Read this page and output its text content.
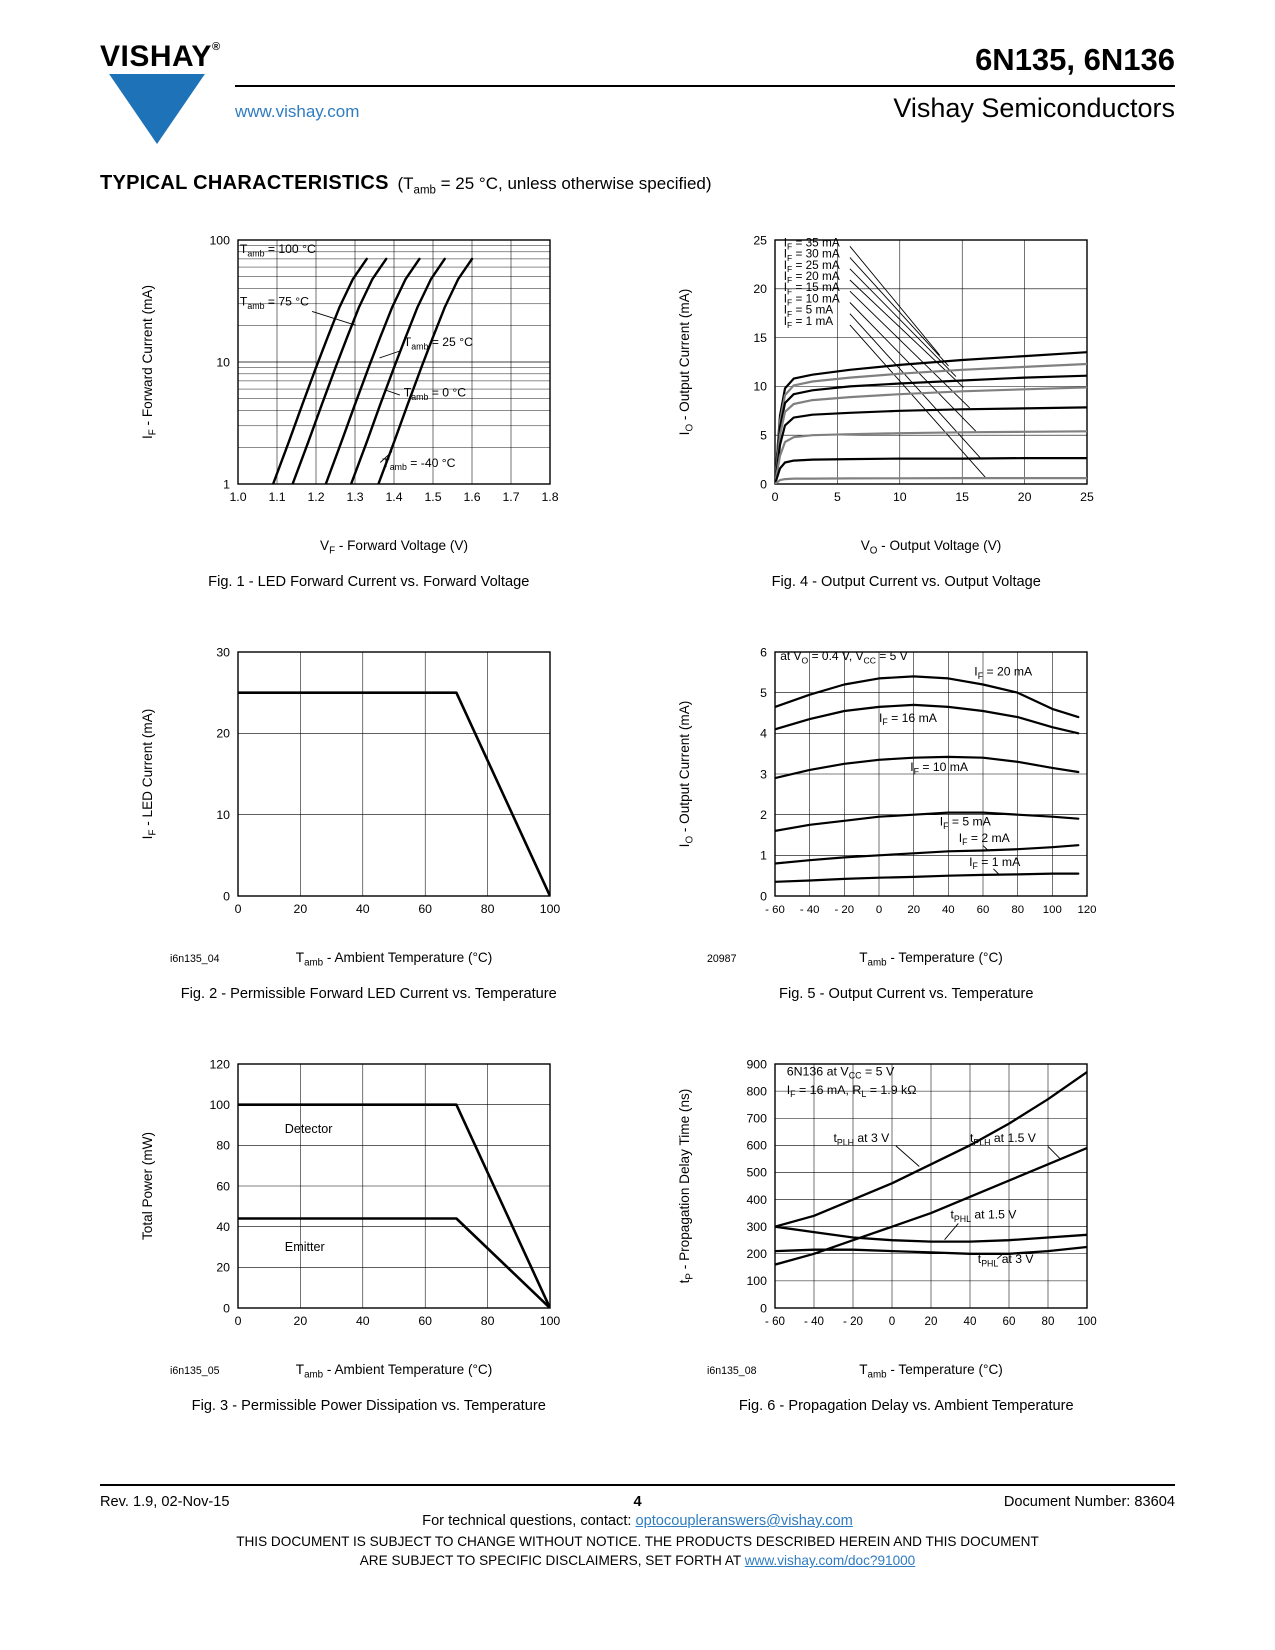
VISHAY®	6N135, 6N136
www.vishay.com	Vishay Semiconductors
TYPICAL CHARACTERISTICS ($T_{amb} = 25$ °C, unless otherwise specified)
$T_{amb} = 100$ °C
$T_{amb} = 75$ °C
$T_{amb} = 25$ °C
$T_{amb} = 0$ °C
$T_{amb} = -40$ °C
1.0 1.1 1.2 1.3 1.4 1.5 1.6 1.7 1.8
1
10
100
$V_F$ - Forward Voltage (V)
$I_F$ - Forward Current (mA)
Fig. 1 - LED Forward Current vs. Forward Voltage
$I_F = 35$ mA
$I_F = 30$ mA
$I_F = 25$ mA
$I_F = 20$ mA
$I_F = 15$ mA
$I_F = 10$ mA
$I_F = 5$ mA
$I_F = 1$ mA
0	5	10	15	20	25
0
5
10
15
20
25
$V_O$ - Output Voltage (V)
$I_O$ - Output Current (mA)
Fig. 4 - Output Current vs. Output Voltage
0	20	40	60	80	100
0
10
20
30
$T_{amb}$ - Ambient Temperature (°C)
$I_F$ - LED Current (mA)
i6n135_04
Fig. 2 - Permissible Forward LED Current vs. Temperature
at $V_O = 0.4$ V, $V_{CC} = 5$ V
$I_F = 20$ mA
$I_F = 16$ mA
$I_F = 10$ mA
$I_F = 5$ mA
$I_F = 2$ mA
$I_F = 1$ mA
- 60 - 40 - 20 0 20 40 60 80 100 120
0
1
2
3
4
5
6
$T_{amb}$ - Temperature (°C)
$I_O$ - Output Current (mA)
20987
Fig. 5 - Output Current vs. Temperature
Detector
Emitter
0	20	40	60	80	100
0
20
40
60
80
100
120
$T_{amb}$ - Ambient Temperature (°C)
Total Power (mW)
i6n135_05
Fig. 3 - Permissible Power Dissipation vs. Temperature
6N136 at $V_{CC} = 5$ V
$I_F = 16$ mA, $R_L = 1.9$ kΩ
$t_{PLH}$ at 3 V	$t_{PLH}$ at 1.5 V
$t_{PHL}$ at 1.5 V
$t_{PHL}$ at 3 V
- 60 - 40 - 20 0	20 40 60 80 100
0
100
200
300
400
500
600
700
800
900
$T_{amb}$ - Temperature (°C)
$t_P$ - Propagation Delay Time (ns)
i6n135_08
Fig. 6 - Propagation Delay vs. Ambient Temperature
Rev. 1.9, 02-Nov-15	4	Document Number: 83604
For technical questions, contact: optocoupleranswers@vishay.com
THIS DOCUMENT IS SUBJECT TO CHANGE WITHOUT NOTICE. THE PRODUCTS DESCRIBED HEREIN AND THIS DOCUMENT
ARE SUBJECT TO SPECIFIC DISCLAIMERS, SET FORTH AT www.vishay.com/doc?91000
